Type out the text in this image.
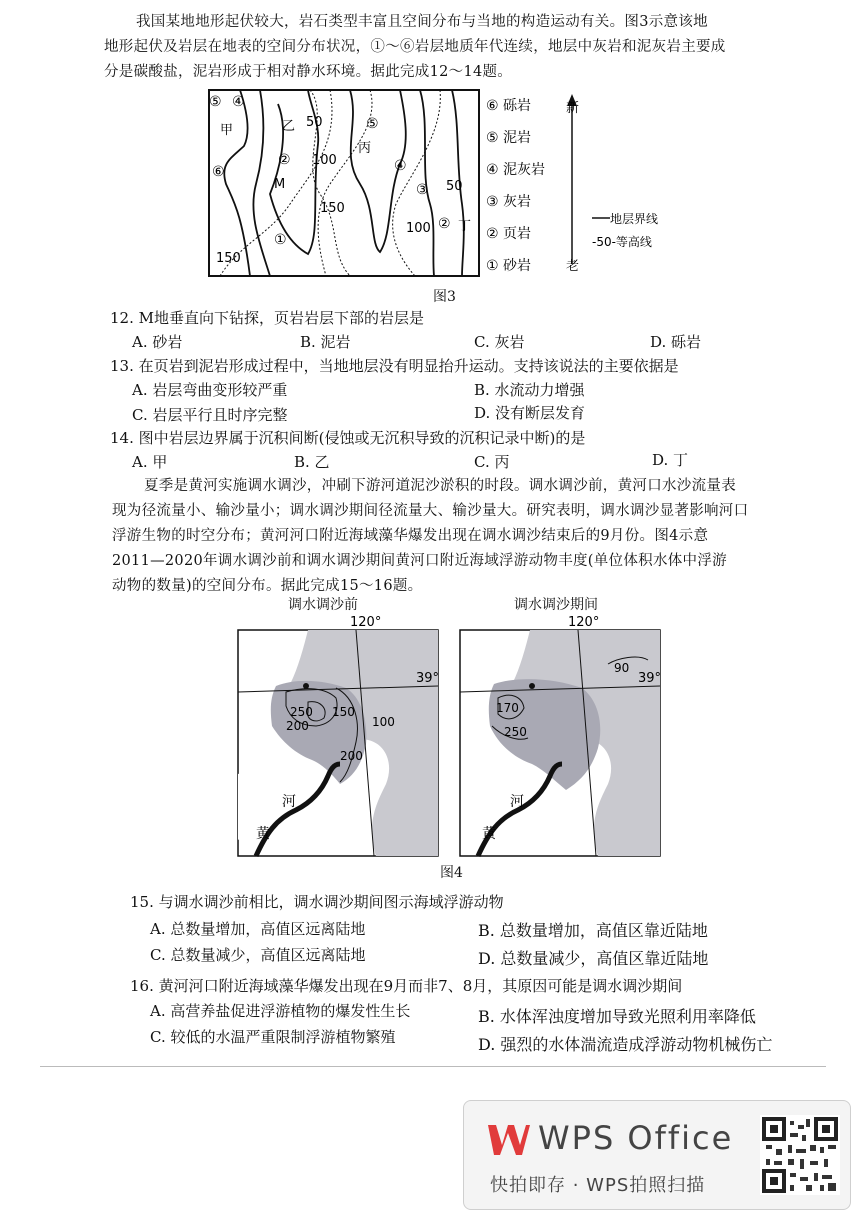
我国某地地形起伏较大，岩石类型丰富且空间分布与当地的构造运动有关。图3示意该地
地形起伏及岩层在地表的空间分布状况，①～⑥岩层地质年代连续，地层中灰岩和泥灰岩主要成
分是碳酸盐，泥岩形成于相对静水环境。据此完成12～14题。
⑤ ④
甲	乙 50	⑤
丙
② 100
⑥
M
④
③ 50
150
100 ② 丁
①
150
⑥ 砾岩
⑤ 泥岩
④ 泥灰岩
③ 灰岩
② 页岩
① 砂岩
新
老
地层界线
-50-等高线
图3
12. M地垂直向下钻探，页岩岩层下部的岩层是
A. 砂岩	B. 泥岩	C. 灰岩	D. 砾岩
13. 在页岩到泥岩形成过程中，当地地层没有明显抬升运动。支持该说法的主要依据是
A. 岩层弯曲变形较严重	B. 水流动力增强
C. 岩层平行且时序完整	D. 没有断层发育
14. 图中岩层边界属于沉积间断(侵蚀或无沉积导致的沉积记录中断)的是
A. 甲	B. 乙	C. 丙	D. 丁
夏季是黄河实施调水调沙，冲刷下游河道泥沙淤积的时段。调水调沙前，黄河口水沙流量表
现为径流量小、输沙量小；调水调沙期间径流量大、输沙量大。研究表明，调水调沙显著影响河口
浮游生物的时空分布；黄河河口附近海域藻华爆发出现在调水调沙结束后的9月份。图4示意
2011—2020年调水调沙前和调水调沙期间黄河口附近海域浮游动物丰度(单位体积水体中浮游
动物的数量)的空间分布。据此完成15～16题。
调水调沙前	调水调沙期间
120°
39°
250
200
150
100
200
河
黄
120°
39°
90
170
250
河
黄
图4
15. 与调水调沙前相比，调水调沙期间图示海域浮游动物
A. 总数量增加，高值区远离陆地	B. 总数量增加，高值区靠近陆地
C. 总数量减少，高值区远离陆地	D. 总数量减少，高值区靠近陆地
16. 黄河河口附近海域藻华爆发出现在9月而非7、8月，其原因可能是调水调沙期间
A. 高营养盐促进浮游植物的爆发性生长	B. 水体浑浊度增加导致光照利用率降低
C. 较低的水温严重限制浮游植物繁殖	D. 强烈的水体湍流造成浮游动物机械伤亡
WPS Office
快拍即存 · WPS拍照扫描
